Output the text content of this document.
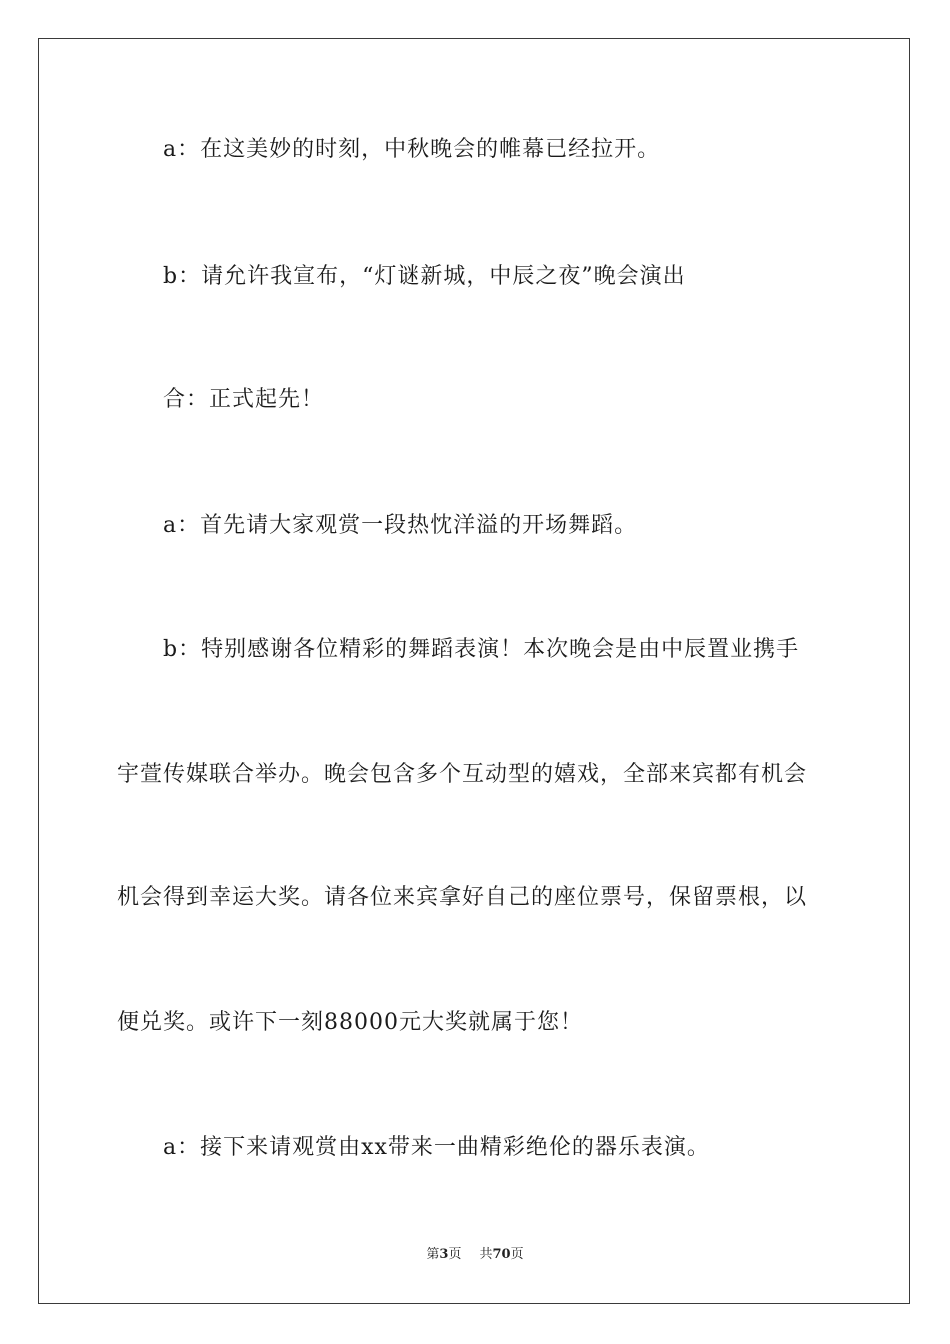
a：在这美妙的时刻，中秋晚会的帷幕已经拉开。
b：请允许我宣布，“灯谜新城，中辰之夜”晚会演出
合：正式起先！
a：首先请大家观赏一段热忱洋溢的开场舞蹈。
b：特别感谢各位精彩的舞蹈表演！本次晚会是由中辰置业携手
宇萱传媒联合举办。晚会包含多个互动型的嬉戏，全部来宾都有机会
机会得到幸运大奖。请各位来宾拿好自己的座位票号，保留票根，以
便兑奖。或许下一刻88000元大奖就属于您！
a：接下来请观赏由xx带来一曲精彩绝伦的器乐表演。
第3页 共70页
